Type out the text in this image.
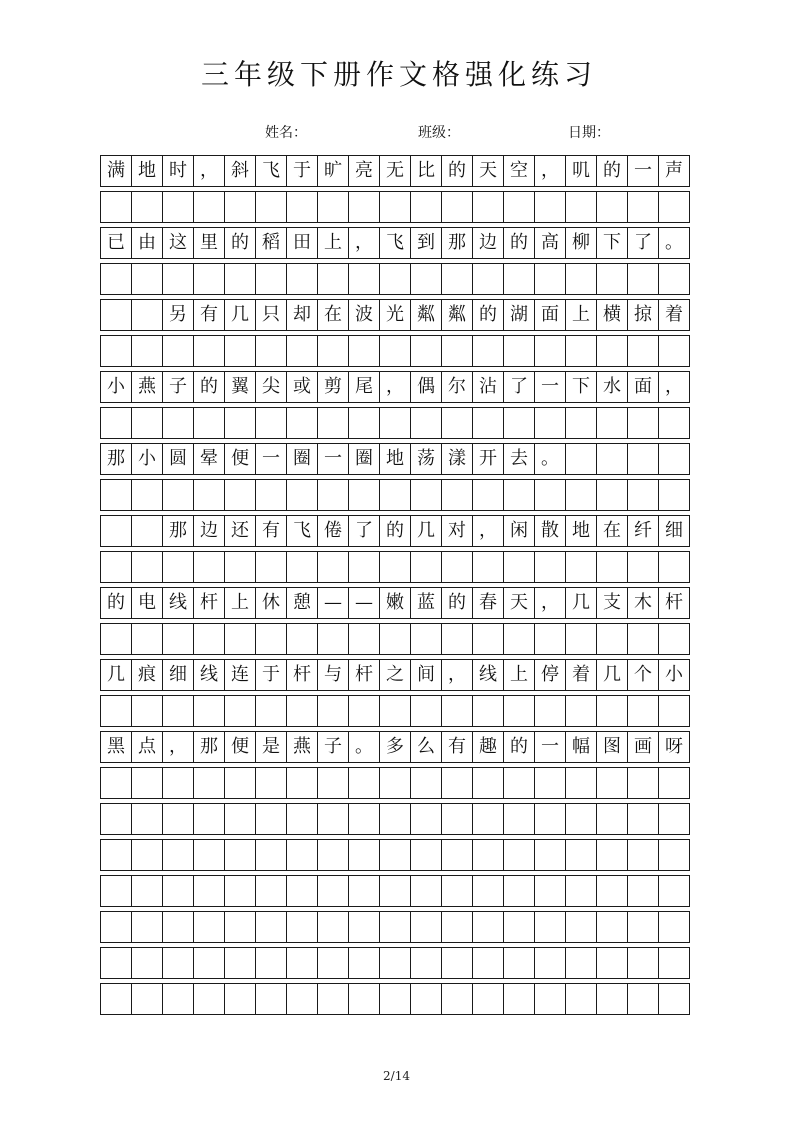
三年级下册作文格强化练习
姓名：	班级：	日期：
满 地 时 ， 斜 飞 于 旷 亮 无 比 的 天 空 ， 叽 的 一 声
已 由 这 里 的 稻 田 上 ， 飞 到 那 边 的 高 柳 下 了 。
另 有 几 只 却 在 波 光 粼 粼 的 湖 面 上 横 掠 着
小 燕 子 的 翼 尖 或 剪 尾 ， 偶 尔 沾 了 一 下 水 面 ，
那 小 圆 晕 便 一 圈 一 圈 地 荡 漾 开 去 。
那 边 还 有 飞 倦 了 的 几 对 ， 闲 散 地 在 纤 细
的 电 线 杆 上 休 憩 — — 嫩 蓝 的 春 天 ， 几 支 木 杆
几 痕 细 线 连 于 杆 与 杆 之 间 ， 线 上 停 着 几 个 小
黑 点 ， 那 便 是 燕 子 。 多 么 有 趣 的 一 幅 图 画 呀
2/14
